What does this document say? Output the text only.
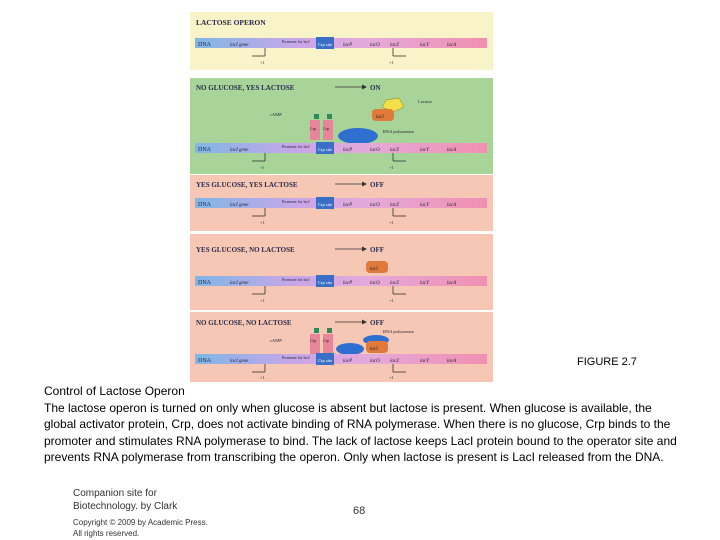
LACTOSE OPERON
DNA	lacI gene
Promoter for lacI
Crp site lacP	lacO lacZ	lacY	lacA
+1	+1
NO GLUCOSE, YES LACTOSE	ON
Lactose
lacI
cAMP
Crp Crp
RNA polymerase
DNA	lacI gene
Promoter for lacI
Crp site lacP	lacO lacZ	lacY	lacA
+1	+1
YES GLUCOSE, YES LACTOSE	OFF
DNA	lacI gene
Promoter for lacI
Crp site lacP	lacO lacZ	lacY	lacA
+1	+1
YES GLUCOSE, NO LACTOSE	OFF
lacI
DNA	lacI gene
Promoter for lacI
Crp site lacP	lacO lacZ	lacY	lacA
+1	+1
NO GLUCOSE, NO LACTOSE	OFF
RNA polymerase
cAMP	Crp Crp
lacI
DNA	lacI gene
Promoter for lacI
Crp site lacP	lacO lacZ	lacY	lacA
+1	+1
FIGURE 2.7
Control of Lactose Operon
The lactose operon is turned on only when glucose is absent but lactose is present. When glucose is available, the global activator protein, Crp, does not activate binding of RNA polymerase. When there is no glucose, Crp binds to the promoter and stimulates RNA polymerase to bind. The lack of lactose keeps LacI protein bound to the operator site and prevents RNA polymerase from transcribing the operon. Only when lactose is present is LacI released from the DNA.
Companion site for
Biotechnology. by Clark
Copyright © 2009 by Academic Press.
All rights reserved.
68
